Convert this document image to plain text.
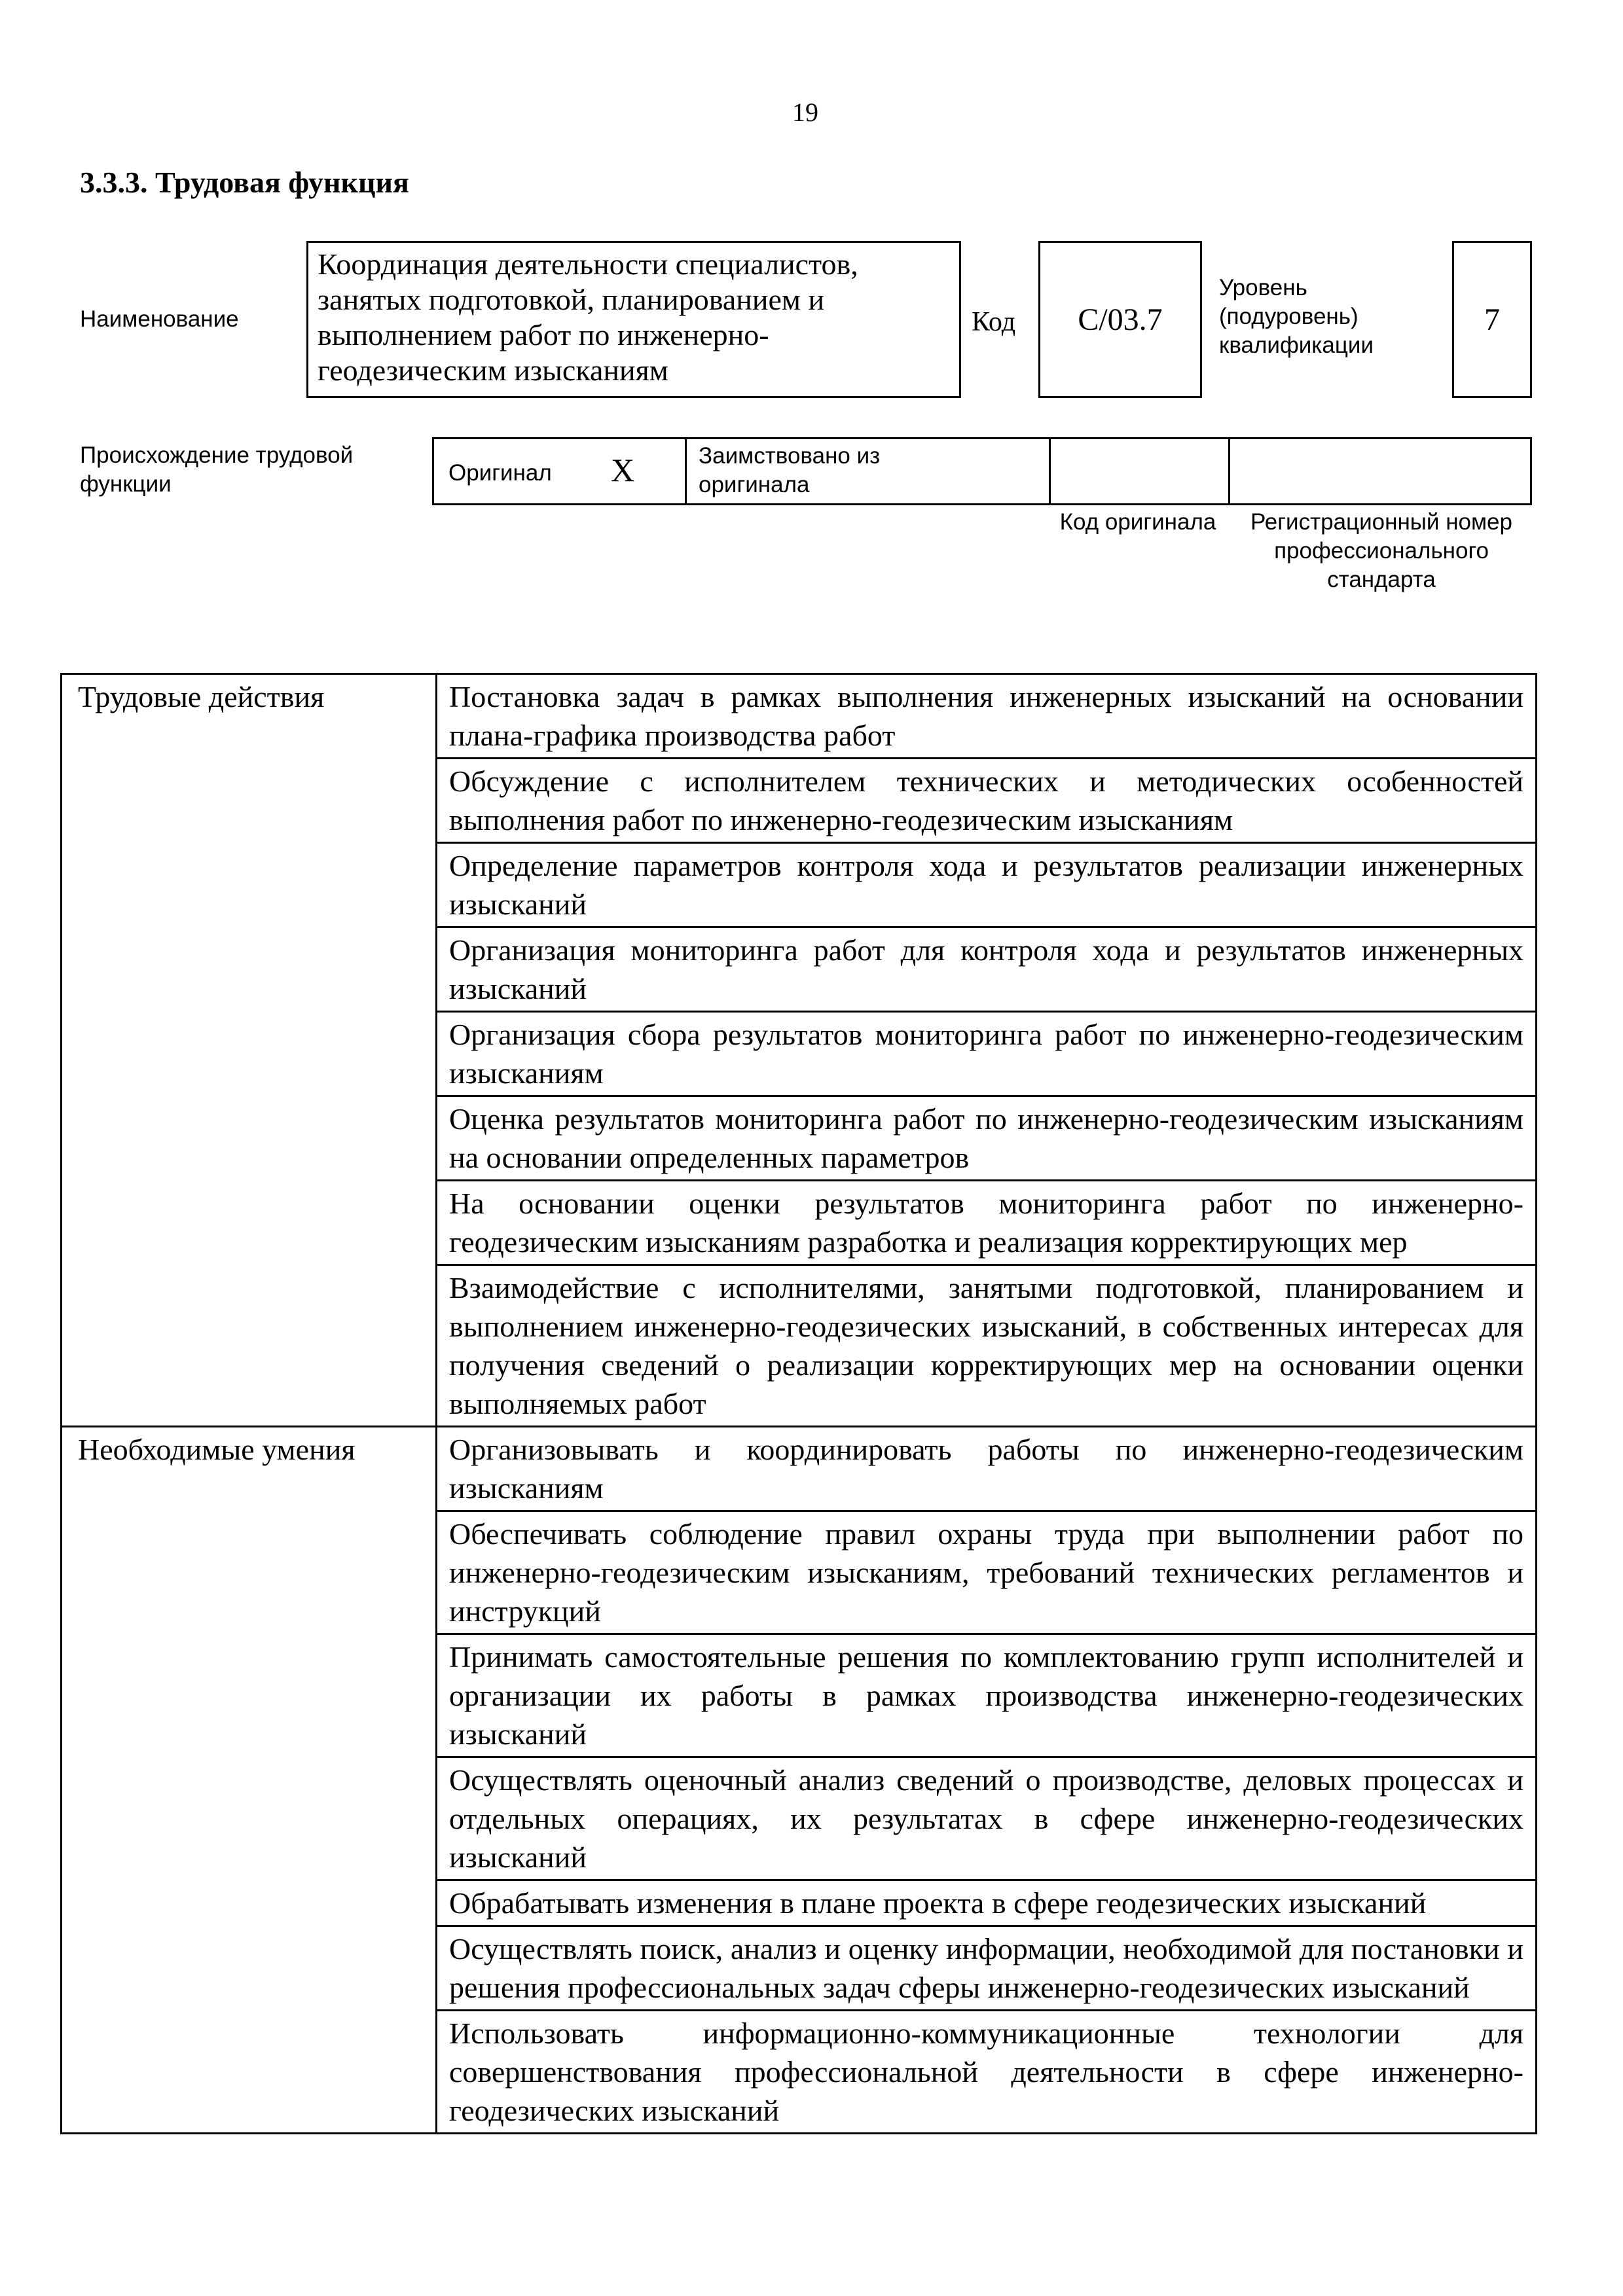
19
3.3.3. Трудовая функция
Наименование
Координация деятельности специалистов, занятых подготовкой, планированием и выполнением работ по инженерно-геодезическим изысканиям
Код	C/03.7
Уровень (подуровень) квалификации
7
Происхождение трудовой функции	Оригинал X	Заимствовано из оригинала
Код оригинала	Регистрационный номер профессионального стандарта
Трудовые действия	Постановка задач в рамках выполнения инженерных изысканий на основании плана-графика производства работ
	Обсуждение с исполнителем технических и методических особенностей выполнения работ по инженерно-геодезическим изысканиям
	Определение параметров контроля хода и результатов реализации инженерных изысканий
	Организация мониторинга работ для контроля хода и результатов инженерных изысканий
	Организация сбора результатов мониторинга работ по инженерно-геодезическим изысканиям
	Оценка результатов мониторинга работ по инженерно-геодезическим изысканиям на основании определенных параметров
	На основании оценки результатов мониторинга работ по инженерно-геодезическим изысканиям разработка и реализация корректирующих мер
	Взаимодействие с исполнителями, занятыми подготовкой, планированием и выполнением инженерно-геодезических изысканий, в собственных интересах для получения сведений о реализации корректирующих мер на основании оценки выполняемых работ
Необходимые умения	Организовывать и координировать работы по инженерно-геодезическим изысканиям
	Обеспечивать соблюдение правил охраны труда при выполнении работ по инженерно-геодезическим изысканиям, требований технических регламентов и инструкций
	Принимать самостоятельные решения по комплектованию групп исполнителей и организации их работы в рамках производства инженерно-геодезических изысканий
	Осуществлять оценочный анализ сведений о производстве, деловых процессах и отдельных операциях, их результатах в сфере инженерно-геодезических изысканий
	Обрабатывать изменения в плане проекта в сфере геодезических изысканий
	Осуществлять поиск, анализ и оценку информации, необходимой для постановки и решения профессиональных задач сферы инженерно-геодезических изысканий
	Использовать информационно-коммуникационные технологии для совершенствования профессиональной деятельности в сфере инженерно-геодезических изысканий
